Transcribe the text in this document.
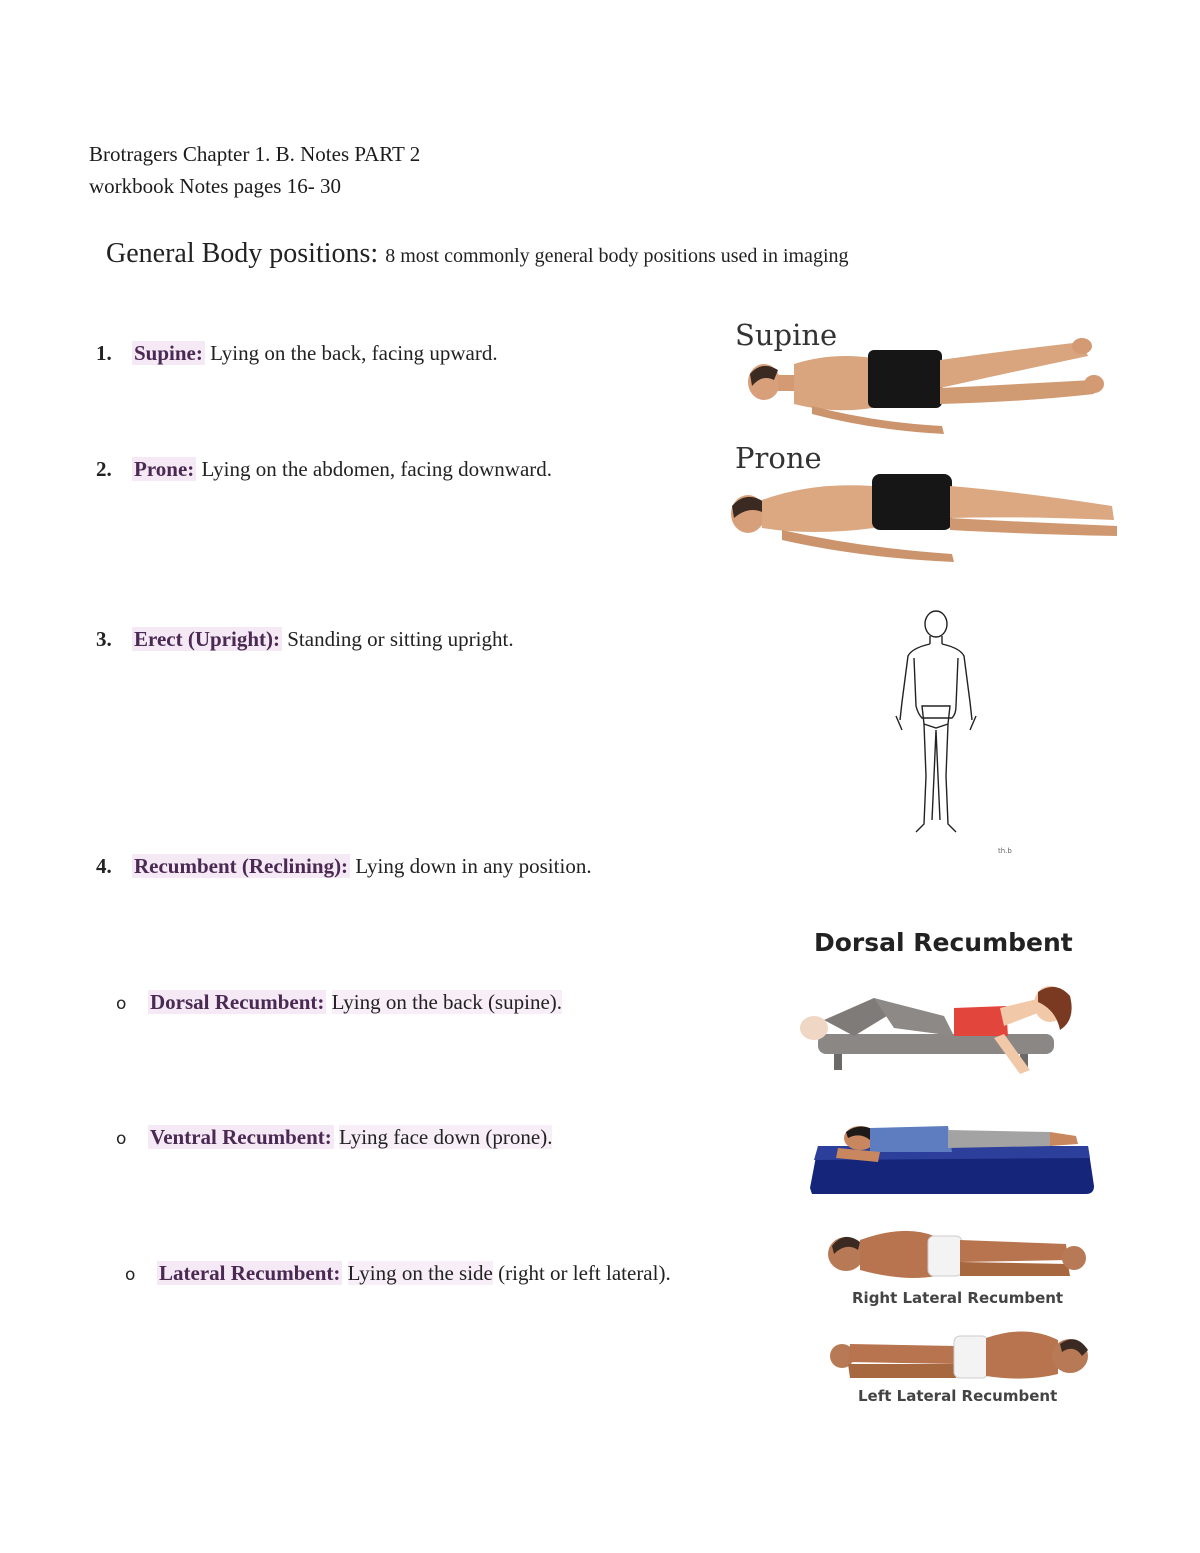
Brotragers Chapter 1. B. Notes PART 2
workbook Notes pages 16- 30
General Body positions: 8 most commonly general body positions used in imaging
1. Supine: Lying on the back, facing upward.
2. Prone: Lying on the abdomen, facing downward.
3. Erect (Upright): Standing or sitting upright.
4. Recumbent (Reclining): Lying down in any position.
o Dorsal Recumbent: Lying on the back (supine).
o Ventral Recumbent: Lying face down (prone).
o Lateral Recumbent: Lying on the side (right or left lateral).
Supine
Prone
th.b
Dorsal Recumbent
Right Lateral Recumbent
Left Lateral Recumbent
